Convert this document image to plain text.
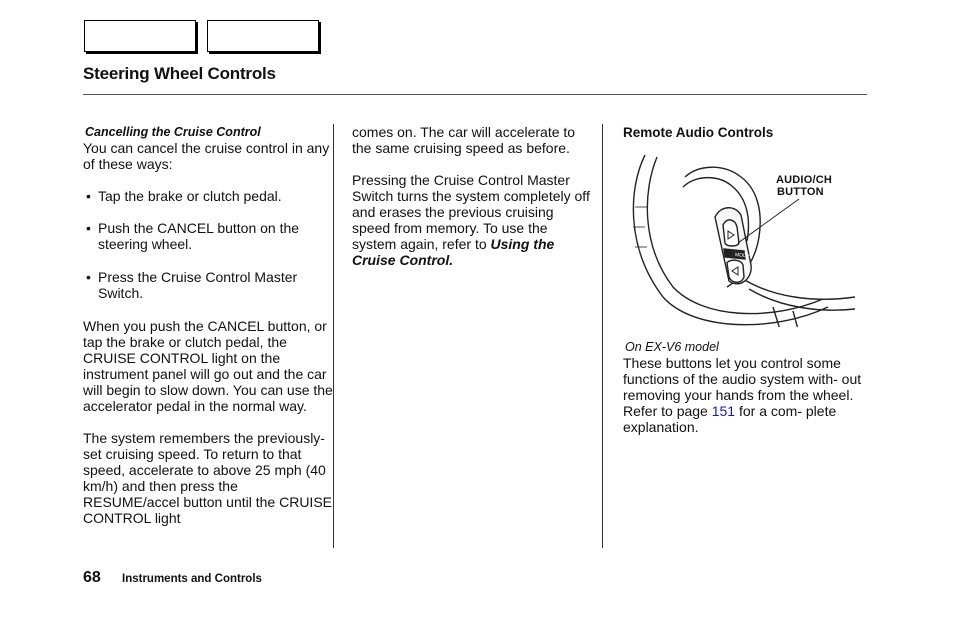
Steering Wheel Controls

Cancelling the Cruise Control

You can cancel the cruise control in any of these ways:

• Tap the brake or clutch pedal.
• Push the CANCEL button on the steering wheel.
• Press the Cruise Control Master Switch.

When you push the CANCEL button, or tap the brake or clutch pedal, the CRUISE CONTROL light on the instrument panel will go out and the car will begin to slow down. You can use the accelerator pedal in the normal way.

The system remembers the previously-set cruising speed. To return to that speed, accelerate to above 25 mph (40 km/h) and then press the RESUME/accel button until the CRUISE CONTROL light

comes on. The car will accelerate to the same cruising speed as before.

Pressing the Cruise Control Master Switch turns the system completely off and erases the previous cruising speed from memory. To use the system again, refer to Using the Cruise Control.

Remote Audio Controls

MODE
AUDIO/CH
BUTTON

On EX-V6 model

These buttons let you control some functions of the audio system with- out removing your hands from the wheel. Refer to page 151 for a com- plete explanation.

68 Instruments and Controls
